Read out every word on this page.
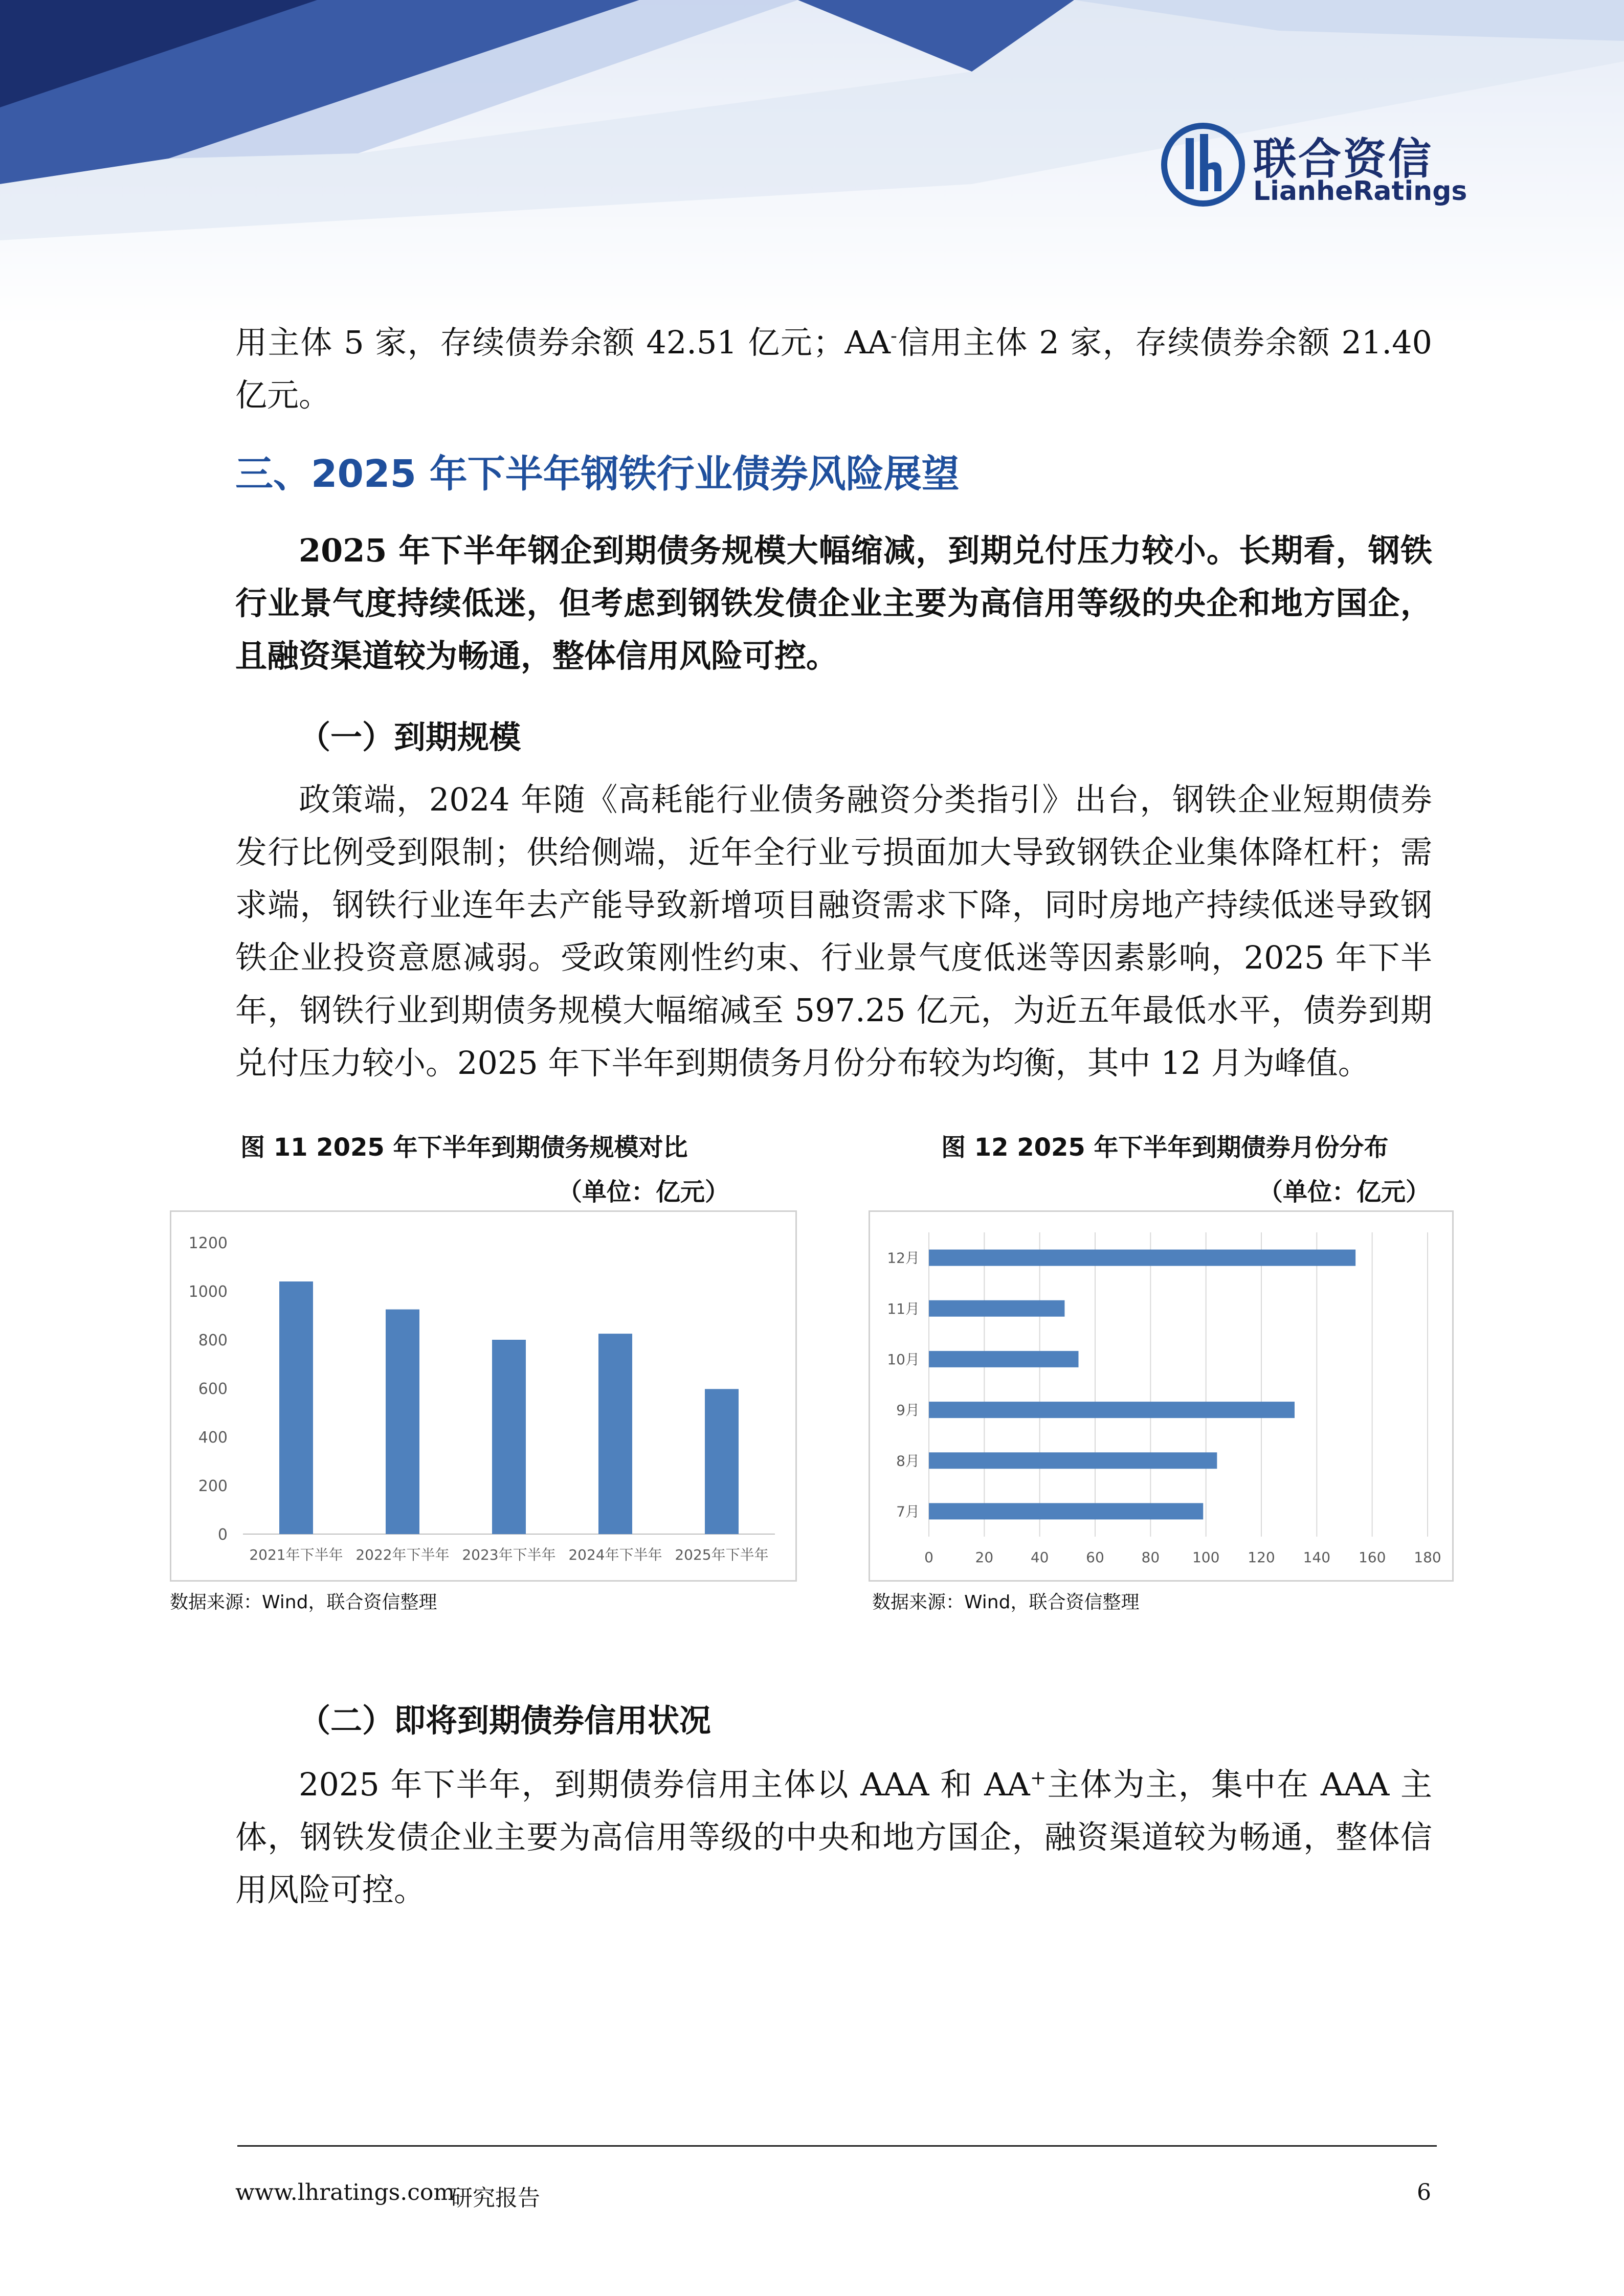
联合资信
LianheRatings
用主体 5 家，存续债券余额 42.51 亿元；AA-信用主体 2 家，存续债券余额 21.40 亿元。
三、2025 年下半年钢铁行业债券风险展望
2025 年下半年钢企到期债务规模大幅缩减，到期兑付压力较小。长期看，钢铁行业景气度持续低迷，但考虑到钢铁发债企业主要为高信用等级的央企和地方国企，且融资渠道较为畅通，整体信用风险可控。
（一）到期规模
政策端，2024 年随《高耗能行业债务融资分类指引》出台，钢铁企业短期债券发行比例受到限制；供给侧端，近年全行业亏损面加大导致钢铁企业集体降杠杆；需求端，钢铁行业连年去产能导致新增项目融资需求下降，同时房地产持续低迷导致钢铁企业投资意愿减弱。受政策刚性约束、行业景气度低迷等因素影响，2025 年下半年，钢铁行业到期债务规模大幅缩减至 597.25 亿元，为近五年最低水平，债券到期兑付压力较小。2025 年下半年到期债务月份分布较为均衡，其中 12 月为峰值。
图 11 2025 年下半年到期债务规模对比
（单位：亿元）
图 12 2025 年下半年到期债券月份分布
（单位：亿元）
0
200
400
600
800
1000
1200
2021年下半年 2022年下半年 2023年下半年 2024年下半年 2025年下半年
数据来源：Wind，联合资信整理
0	20	40	60	80 100 120 140 160 180
7月
8月
9月
10月
11月
12月
数据来源：Wind，联合资信整理
（二）即将到期债券信用状况
2025 年下半年，到期债券信用主体以 AAA 和 AA+主体为主，集中在 AAA 主体，钢铁发债企业主要为高信用等级的中央和地方国企，融资渠道较为畅通，整体信用风险可控。
www.lhratings.com
研究报告	6
